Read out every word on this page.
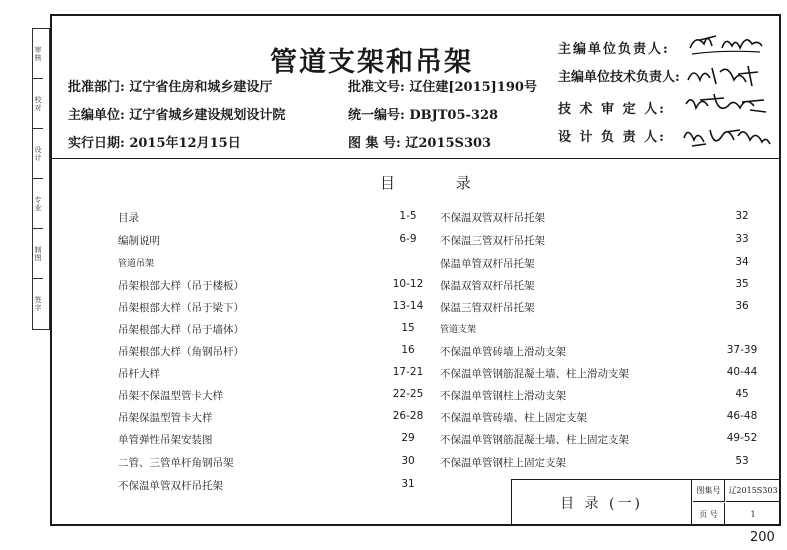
审核
校对
设计
专业
制图
签字
管道支架和吊架
批准部门: 辽宁省住房和城乡建设厅	批准文号: 辽住建[2015]190号
主编单位: 辽宁省城乡建设规划设计院	统一编号: DBJT05-328
实行日期: 2015年12月15日	图 集 号: 辽2015S303
主编单位负责人:
主编单位技术负责人:
技 术 审 定 人:
设 计 负 责 人:
目 录
目录	1-5
编制说明	6-9
管道吊架
吊架根部大样（吊于楼板）	10-12
吊架根部大样（吊于梁下）	13-14
吊架根部大样（吊于墙体）	15
吊架根部大样（角钢吊杆）	16
吊杆大样	17-21
吊架不保温型管卡大样	22-25
吊架保温型管卡大样	26-28
单管弹性吊架安装图	29
二管、三管单杆角钢吊架	30
不保温单管双杆吊托架	31
不保温双管双杆吊托架	32
不保温三管双杆吊托架	33
保温单管双杆吊托架	34
保温双管双杆吊托架	35
保温三管双杆吊托架	36
管道支架
不保温单管砖墙上滑动支架	37-39
不保温单管钢筋混凝土墙、柱上滑动支架	40-44
不保温单管钢柱上滑动支架	45
不保温单管砖墙、柱上固定支架	46-48
不保温单管钢筋混凝土墙、柱上固定支架	49-52
不保温单管钢柱上固定支架	53
目 录 (一)
图集号 辽2015S303
页 号	1
200
